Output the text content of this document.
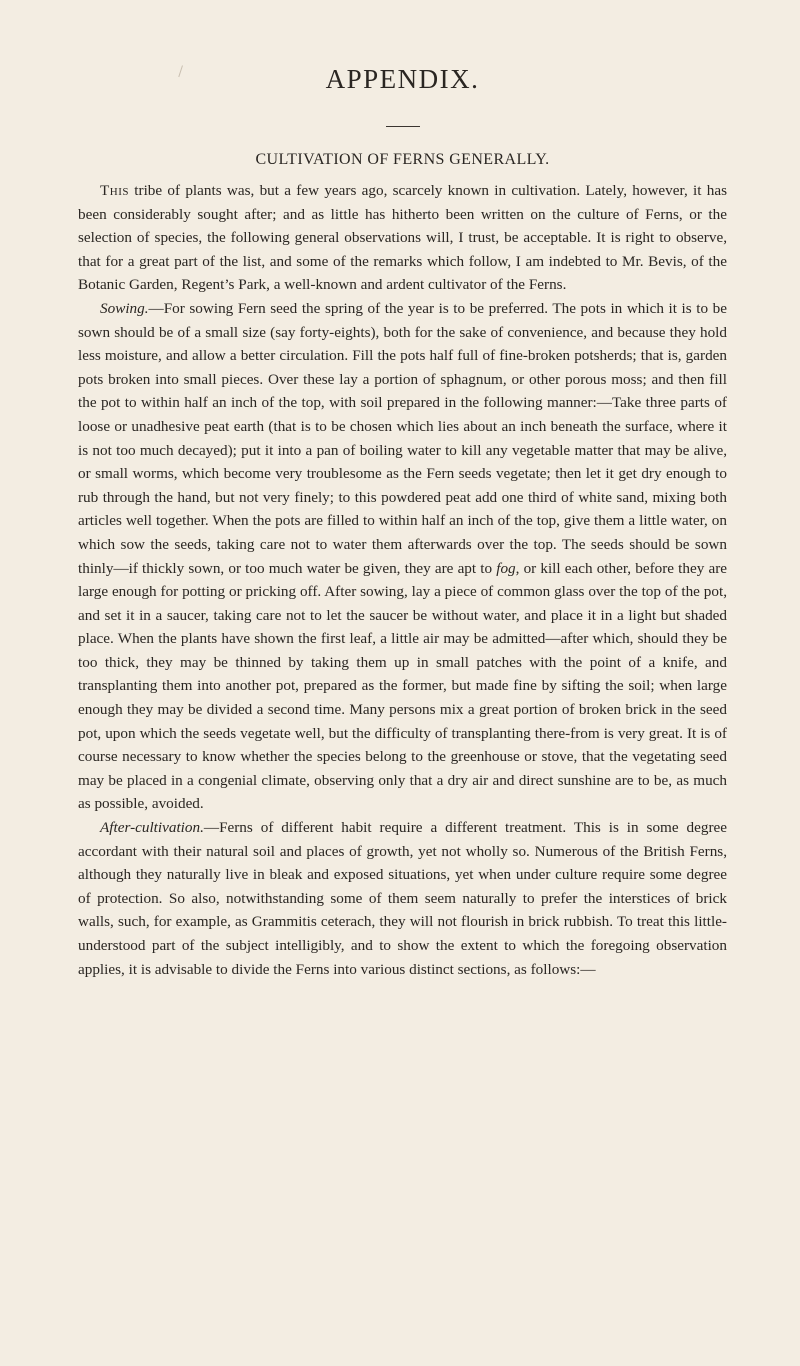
APPENDIX.
CULTIVATION OF FERNS GENERALLY.

This tribe of plants was, but a few years ago, scarcely known in cultivation. Lately, however, it has been considerably sought after; and as little has hitherto been written on the culture of Ferns, or the selection of species, the following general observations will, I trust, be acceptable. It is right to observe, that for a great part of the list, and some of the remarks which follow, I am indebted to Mr. Bevis, of the Botanic Garden, Regent’s Park, a well-known and ardent cultivator of the Ferns.

Sowing.—For sowing Fern seed the spring of the year is to be preferred. The pots in which it is to be sown should be of a small size (say forty-eights), both for the sake of convenience, and because they hold less moisture, and allow a better circulation. Fill the pots half full of fine-broken potsherds; that is, garden pots broken into small pieces. Over these lay a portion of sphagnum, or other porous moss; and then fill the pot to within half an inch of the top, with soil prepared in the following manner:—Take three parts of loose or unadhesive peat earth (that is to be chosen which lies about an inch beneath the surface, where it is not too much decayed); put it into a pan of boiling water to kill any vegetable matter that may be alive, or small worms, which become very troublesome as the Fern seeds vegetate; then let it get dry enough to rub through the hand, but not very finely; to this powdered peat add one third of white sand, mixing both articles well together. When the pots are filled to within half an inch of the top, give them a little water, on which sow the seeds, taking care not to water them afterwards over the top. The seeds should be sown thinly—if thickly sown, or too much water be given, they are apt to fog, or kill each other, before they are large enough for potting or pricking off. After sowing, lay a piece of common glass over the top of the pot, and set it in a saucer, taking care not to let the saucer be without water, and place it in a light but shaded place. When the plants have shown the first leaf, a little air may be admitted—after which, should they be too thick, they may be thinned by taking them up in small patches with the point of a knife, and transplanting them into another pot, prepared as the former, but made fine by sifting the soil; when large enough they may be divided a second time. Many persons mix a great portion of broken brick in the seed pot, upon which the seeds vegetate well, but the difficulty of transplanting there-from is very great. It is of course necessary to know whether the species belong to the greenhouse or stove, that the vegetating seed may be placed in a congenial climate, observing only that a dry air and direct sunshine are to be, as much as possible, avoided.

After-cultivation.—Ferns of different habit require a different treatment. This is in some degree accordant with their natural soil and places of growth, yet not wholly so. Numerous of the British Ferns, although they naturally live in bleak and exposed situations, yet when under culture require some degree of protection. So also, notwithstanding some of them seem naturally to prefer the interstices of brick walls, such, for example, as Grammitis ceterach, they will not flourish in brick rubbish. To treat this little-understood part of the subject intelligibly, and to show the extent to which the foregoing observation applies, it is advisable to divide the Ferns into various distinct sections, as follows:—
